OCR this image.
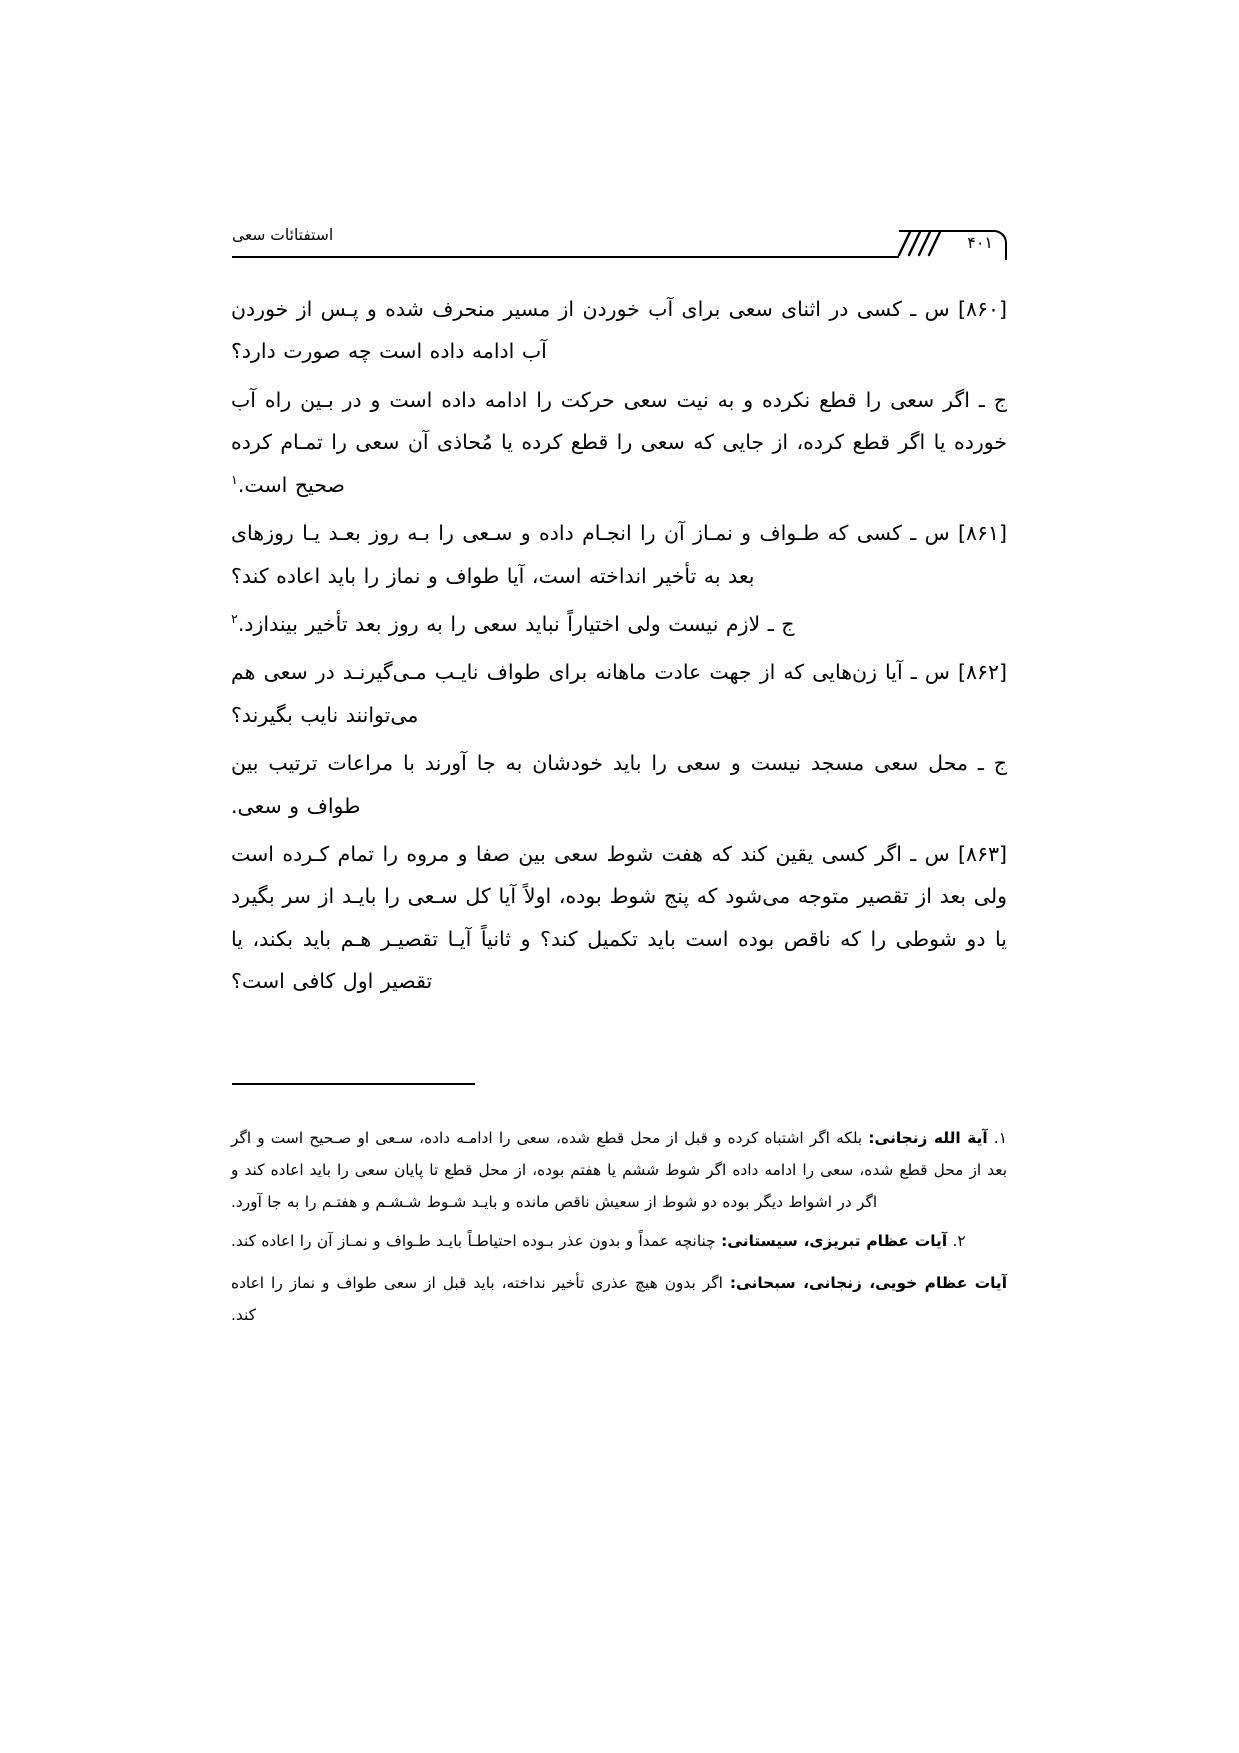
۴۰۱
استفتائات سعی

[۸۶۰] س ـ کسی در اثنای سعی برای آب خوردن از مسیر منحرف شده و پـس از خوردن آب ادامه داده است چه صورت دارد؟

ج ـ اگر سعی را قطع نکرده و به نیت سعی حرکت را ادامه داده است و در بـین راه آب خورده یا اگر قطع کرده، از جایی که سعی را قطع کرده یا مُحاذی آن سعی را تمـام کرده صحیح است.$^۱$

[۸۶۱] س ـ کسی که طـواف و نمـاز آن را انجـام داده و سـعی را بـه روز بعـد یـا روزهای بعد به تأخیر انداخته است، آیا طواف و نماز را باید اعاده کند؟

ج ـ لازم نیست ولی اختیاراً نباید سعی را به روز بعد تأخیر بیندازد.$^۲$

[۸۶۲] س ـ آیا زن‌هایی که از جهت عادت ماهانه برای طواف نایـب مـی‌گیرنـد در سعی هم می‌توانند نایب بگیرند؟

ج ـ محل سعی مسجد نیست و سعی را باید خودشان به جا آورند با مراعات ترتیب بین طواف و سعی.

[۸۶۳] س ـ اگر کسی یقین کند که هفت شوط سعی بین صفا و مروه را تمام کـرده است ولی بعد از تقصیر متوجه می‌شود که پنج شوط بوده، اولاً آیا کل سـعی را بایـد از سر بگیرد یا دو شوطی را که ناقص بوده است باید تکمیل کند؟ و ثانیاً آیـا تقصیـر هـم باید بکند، یا تقصیر اول کافی است؟

۱. آیة الله زنجانی: بلکه اگر اشتباه کرده و قبل از محل قطع شده، سعی را ادامـه داده، سـعی او صـحیح است و اگر بعد از محل قطع شده، سعی را ادامه داده اگر شوط ششم یا هفتم بوده، از محل قطع تا پایان سعی را باید اعاده کند و اگر در اشواط دیگر بوده دو شوط از سعیش ناقص مانده و بایـد شـوط شـشـم و هفتـم را به جا آورد.

۲. آیات عظام تبریزی، سیستانی: چنانچه عمداً و بدون عذر بـوده احتیاطـاً بایـد طـواف و نمـاز آن را اعاده کند.

آیات عظام خویی، زنجانی، سبحانی: اگر بدون هیچ عذری تأخیر نداخته، باید قبل از سعی طواف و نماز را اعاده کند.
